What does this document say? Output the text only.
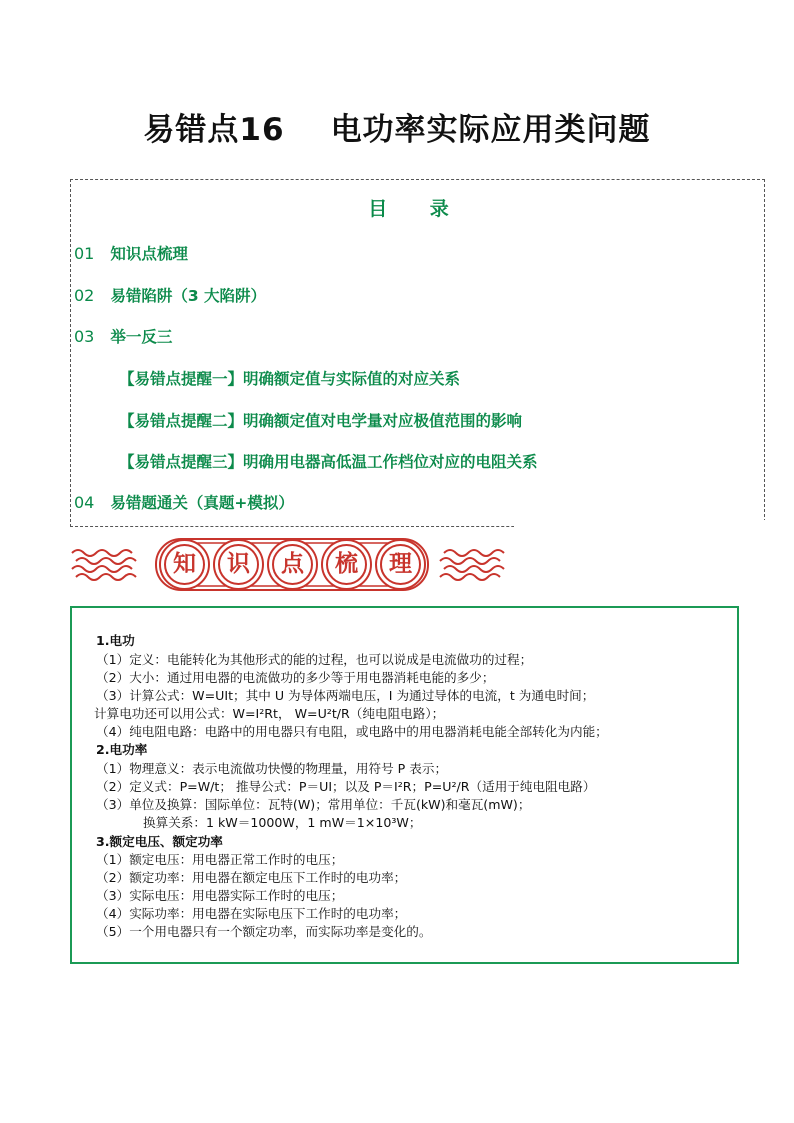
易错点16 电功率实际应用类问题
目 录
01 知识点梳理
02 易错陷阱（3 大陷阱）
03 举一反三
【易错点提醒一】明确额定值与实际值的对应关系
【易错点提醒二】明确额定值对电学量对应极值范围的影响
【易错点提醒三】明确用电器高低温工作档位对应的电阻关系
04 易错题通关（真题+模拟）
知	识	点	梳	理
1.电功
（1）定义：电能转化为其他形式的能的过程，也可以说成是电流做功的过程；
（2）大小：通过用电器的电流做功的多少等于用电器消耗电能的多少；
（3）计算公式：W=UIt；其中 U 为导体两端电压，I 为通过导体的电流，t 为通电时间；
计算电功还可以用公式：W=I²Rt， W=U²t/R（纯电阻电路）；
（4）纯电阻电路：电路中的用电器只有电阻，或电路中的用电器消耗电能全部转化为内能；
2.电功率
（1）物理意义：表示电流做功快慢的物理量，用符号 P 表示；
（2）定义式：P=W/t； 推导公式：P＝UI；以及 P＝I²R；P=U²/R（适用于纯电阻电路）
（3）单位及换算：国际单位：瓦特(W)；常用单位：千瓦(kW)和毫瓦(mW)；
换算关系：1 kW＝1000W，1 mW＝1×10³W；
3.额定电压、额定功率
（1）额定电压：用电器正常工作时的电压；
（2）额定功率：用电器在额定电压下工作时的电功率；
（3）实际电压：用电器实际工作时的电压；
（4）实际功率：用电器在实际电压下工作时的电功率；
（5）一个用电器只有一个额定功率，而实际功率是变化的。
